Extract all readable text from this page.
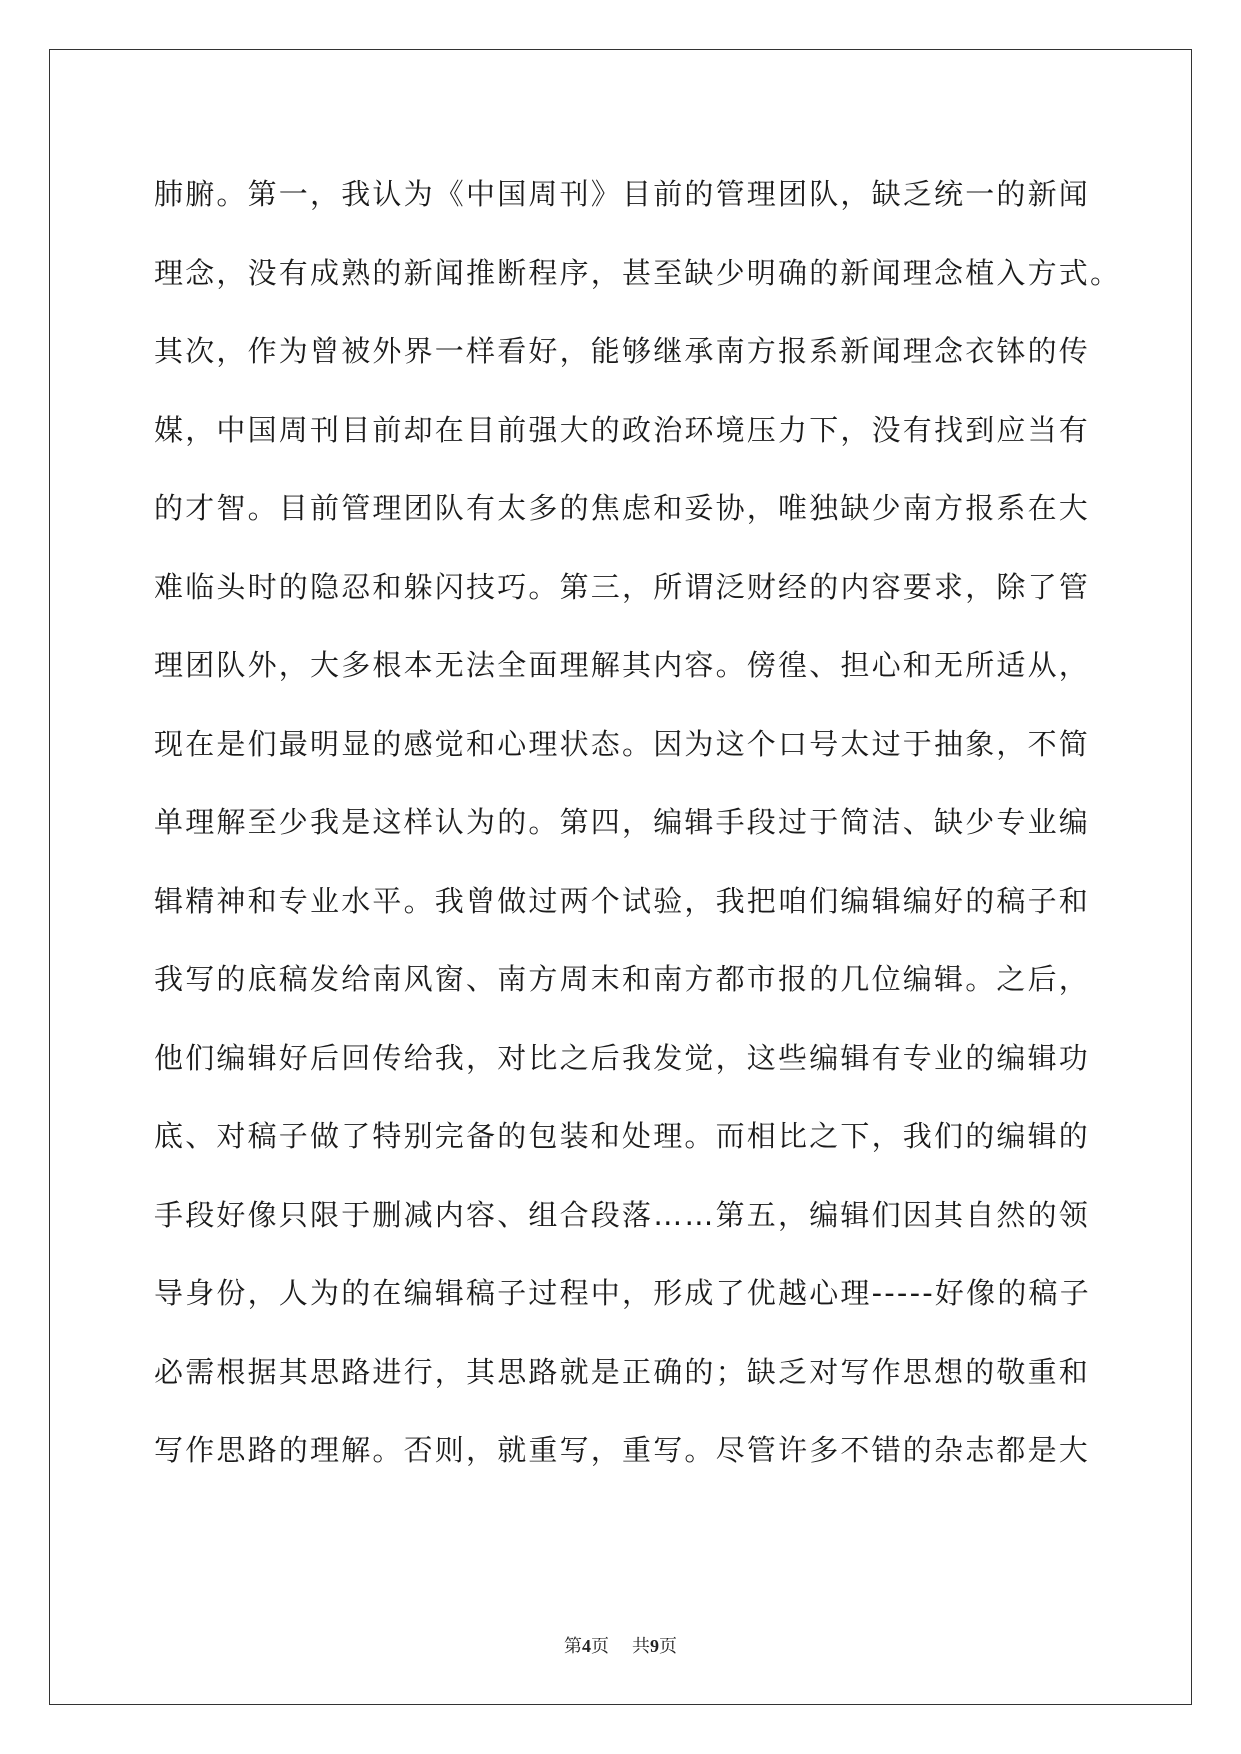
肺腑。第一，我认为《中国周刊》目前的管理团队，缺乏统一的新闻
理念，没有成熟的新闻推断程序，甚至缺少明确的新闻理念植入方式。
其次，作为曾被外界一样看好，能够继承南方报系新闻理念衣钵的传
媒，中国周刊目前却在目前强大的政治环境压力下，没有找到应当有
的才智。目前管理团队有太多的焦虑和妥协，唯独缺少南方报系在大
难临头时的隐忍和躲闪技巧。第三，所谓泛财经的内容要求，除了管
理团队外，大多根本无法全面理解其内容。傍徨、担心和无所适从，
现在是们最明显的感觉和心理状态。因为这个口号太过于抽象，不简
单理解至少我是这样认为的。第四，编辑手段过于简洁、缺少专业编
辑精神和专业水平。我曾做过两个试验，我把咱们编辑编好的稿子和
我写的底稿发给南风窗、南方周末和南方都市报的几位编辑。之后，
他们编辑好后回传给我，对比之后我发觉，这些编辑有专业的编辑功
底、对稿子做了特别完备的包装和处理。而相比之下，我们的编辑的
手段好像只限于删减内容、组合段落……第五，编辑们因其自然的领
导身份，人为的在编辑稿子过程中，形成了优越心理-----好像的稿子
必需根据其思路进行，其思路就是正确的；缺乏对写作思想的敬重和
写作思路的理解。否则，就重写，重写。尽管许多不错的杂志都是大
第4页 共9页
